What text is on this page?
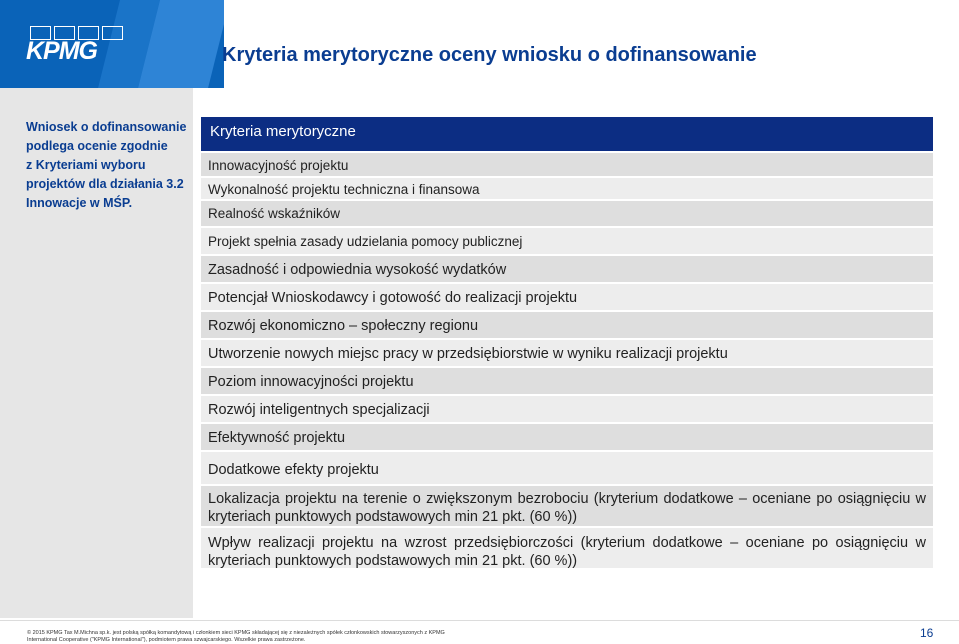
KPMG	Kryteria merytoryczne oceny wniosku o dofinansowanie
Wniosek o dofinansowanie
podlega ocenie zgodnie
z Kryteriami wyboru
projektów dla działania 3.2
Innowacje w MŚP.
Kryteria merytoryczne
Innowacyjność projektu
Wykonalność projektu techniczna i finansowa
Realność wskaźników
Projekt spełnia zasady udzielania pomocy publicznej
Zasadność i odpowiednia wysokość wydatków
Potencjał Wnioskodawcy i gotowość do realizacji projektu
Rozwój ekonomiczno – społeczny regionu
Utworzenie nowych miejsc pracy w przedsiębiorstwie w wyniku realizacji projektu
Poziom innowacyjności projektu
Rozwój inteligentnych specjalizacji
Efektywność projektu
Dodatkowe efekty projektu
Lokalizacja projektu na terenie o zwiększonym bezrobociu (kryterium dodatkowe – oceniane po osiągnięciu w kryteriach punktowych podstawowych min 21 pkt. (60 %))
Wpływ realizacji projektu na wzrost przedsiębiorczości (kryterium dodatkowe – oceniane po osiągnięciu w kryteriach punktowych podstawowych min 21 pkt. (60 %))
© 2015 KPMG Tax M.Michna sp.k. jest polską spółką komandytową i członkiem sieci KPMG składającej się z niezależnych spółek członkowskich stowarzyszonych z KPMG International Cooperative ("KPMG International"), podmiotem prawa szwajcarskiego. Wszelkie prawa zastrzeżone.	16
